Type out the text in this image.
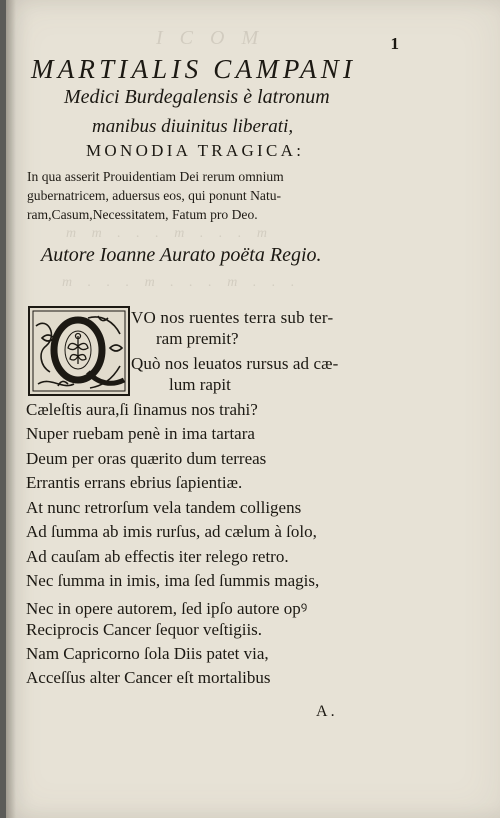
I C O M
m m . . . m . . . m
m . . . m . . . m . . .
1
MARTIALIS CAMPANI
Medici Burdegalensis è latronum
manibus diuinitus liberati,
MONODIA TRAGICA:
In qua asserit Prouidentiam Dei rerum omnium
gubernatricem, aduersus eos, qui ponunt Natu-
ram,Casum,Necessitatem, Fatum pro Deo.
Autore Ioanne Aurato poëta Regio.
VO nos ruentes terra sub ter-
ram premit?
Quò nos leuatos rursus ad cæ-
lum rapit
Cæleſtis aura,ſi ſinamus nos trahi?
Nuper ruebam penè in ima tartara
Deum per oras quærito dum terreas
Errantis errans ebrius ſapientiæ.
At nunc retrorſum vela tandem colligens
Ad ſumma ab imis rurſus, ad cælum à ſolo,
Ad cauſam ab effectis iter relego retro.
Nec ſumma in imis, ima ſed ſummis magis,
Nec in opere autorem, ſed ipſo autore opꝰ
Reciprocis Cancer ſequor veſtigiis.
Nam Capricorno ſola Diis patet via,
Acceſſus alter Cancer eſt mortalibus
A .
